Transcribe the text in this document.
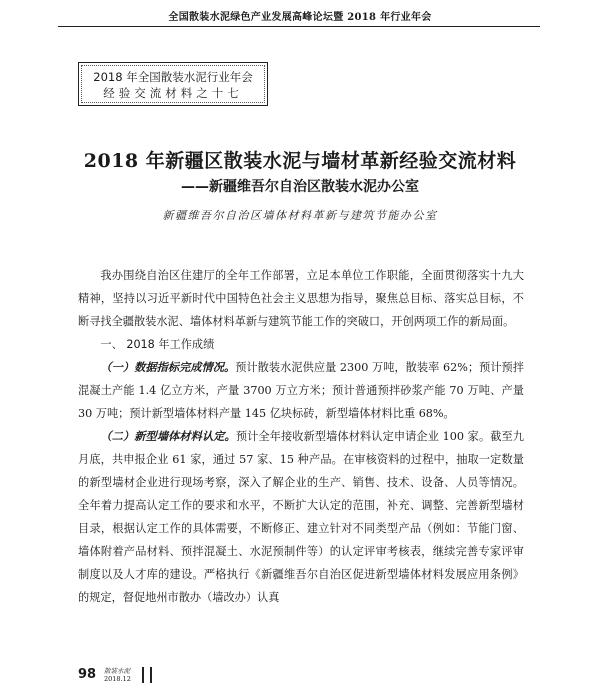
全国散装水泥绿色产业发展高峰论坛暨 2018 年行业年会
2018 年全国散装水泥行业年会
经验交流材料之十七
2018 年新疆区散装水泥与墙材革新经验交流材料
——新疆维吾尔自治区散装水泥办公室
新疆维吾尔自治区墙体材料革新与建筑节能办公室

我办围绕自治区住建厅的全年工作部署，立足本单位工作职能，全面贯彻落实十九大精神，坚持以习近平新时代中国特色社会主义思想为指导，聚焦总目标、落实总目标，不断寻找全疆散装水泥、墙体材料革新与建筑节能工作的突破口，开创两项工作的新局面。

一、 2018 年工作成绩

（一）数据指标完成情况。预计散装水泥供应量 2300 万吨，散装率 62%；预计预拌混凝土产能 1.4 亿立方米，产量 3700 万立方米；预计普通预拌砂浆产能 70 万吨、产量 30 万吨；预计新型墙体材料产量 145 亿块标砖，新型墙体材料比重 68%。

（二）新型墙体材料认定。预计全年接收新型墙体材料认定申请企业 100 家。截至九月底，共申报企业 61 家，通过 57 家、15 种产品。在审核资料的过程中，抽取一定数量的新型墙材企业进行现场考察，深入了解企业的生产、销售、技术、设备、人员等情况。全年着力提高认定工作的要求和水平，不断扩大认定的范围，补充、调整、完善新型墙材目录，根据认定工作的具体需要，不断修正、建立针对不同类型产品（例如：节能门窗、墙体附着产品材料、预拌混凝土、水泥预制件等）的认定评审考核表，继续完善专家评审制度以及人才库的建设。严格执行《新疆维吾尔自治区促进新型墙体材料发展应用条例》的规定，督促地州市散办（墙改办）认真

98 散装水泥
2018.12
